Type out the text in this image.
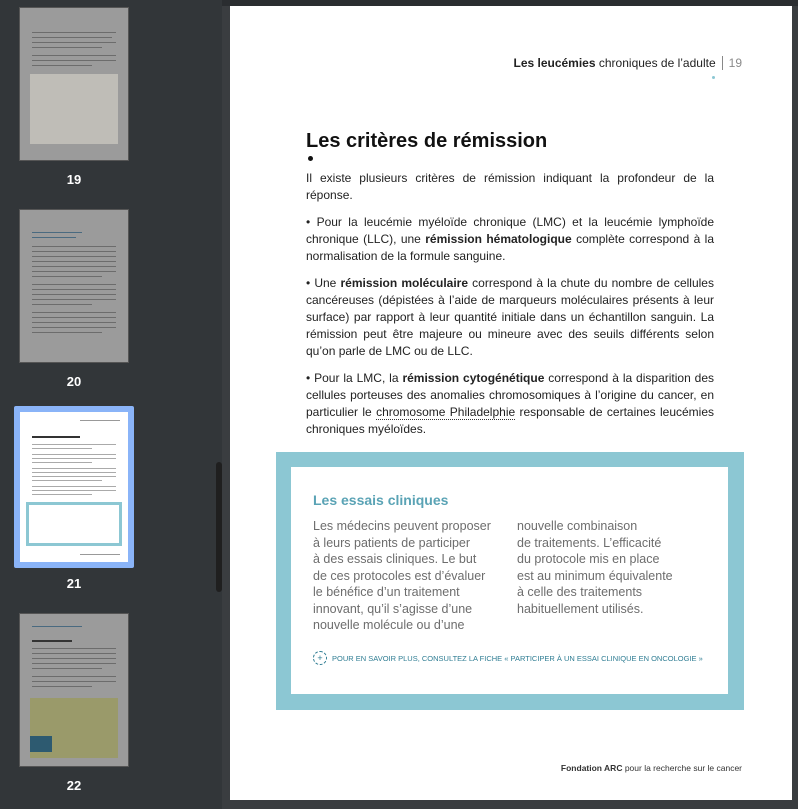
19
20
21
22
Les leucémies chroniques de l’adulte 19
Les critères de rémission

Il existe plusieurs critères de rémission indiquant la profondeur de la réponse.

• Pour la leucémie myéloïde chronique (LMC) et la leucémie lymphoïde chronique (LLC), une rémission hématologique complète correspond à la normalisation de la formule sanguine.

• Une rémission moléculaire correspond à la chute du nombre de cellules cancéreuses (dépistées à l’aide de marqueurs moléculaires présents à leur surface) par rapport à leur quantité initiale dans un échantillon sanguin. La rémission peut être majeure ou mineure avec des seuils différents selon qu’on parle de LMC ou de LLC.

• Pour la LMC, la rémission cytogénétique correspond à la disparition des cellules porteuses des anomalies chromosomiques à l’origine du cancer, en particulier le chromosome Philadelphie responsable de certaines leucémies chroniques myéloïdes.

Les essais cliniques
Les médecins peuvent proposer
à leurs patients de participer
à des essais cliniques. Le but
de ces protocoles est d’évaluer
le bénéfice d’un traitement
innovant, qu’il s’agisse d’une
nouvelle molécule ou d’une
nouvelle combinaison
de traitements. L’efficacité
du protocole mis en place
est au minimum équivalente
à celle des traitements
habituellement utilisés.
+	POUR EN SAVOIR PLUS, CONSULTEZ LA FICHE « PARTICIPER À UN ESSAI CLINIQUE EN ONCOLOGIE »
Fondation ARC pour la recherche sur le cancer
